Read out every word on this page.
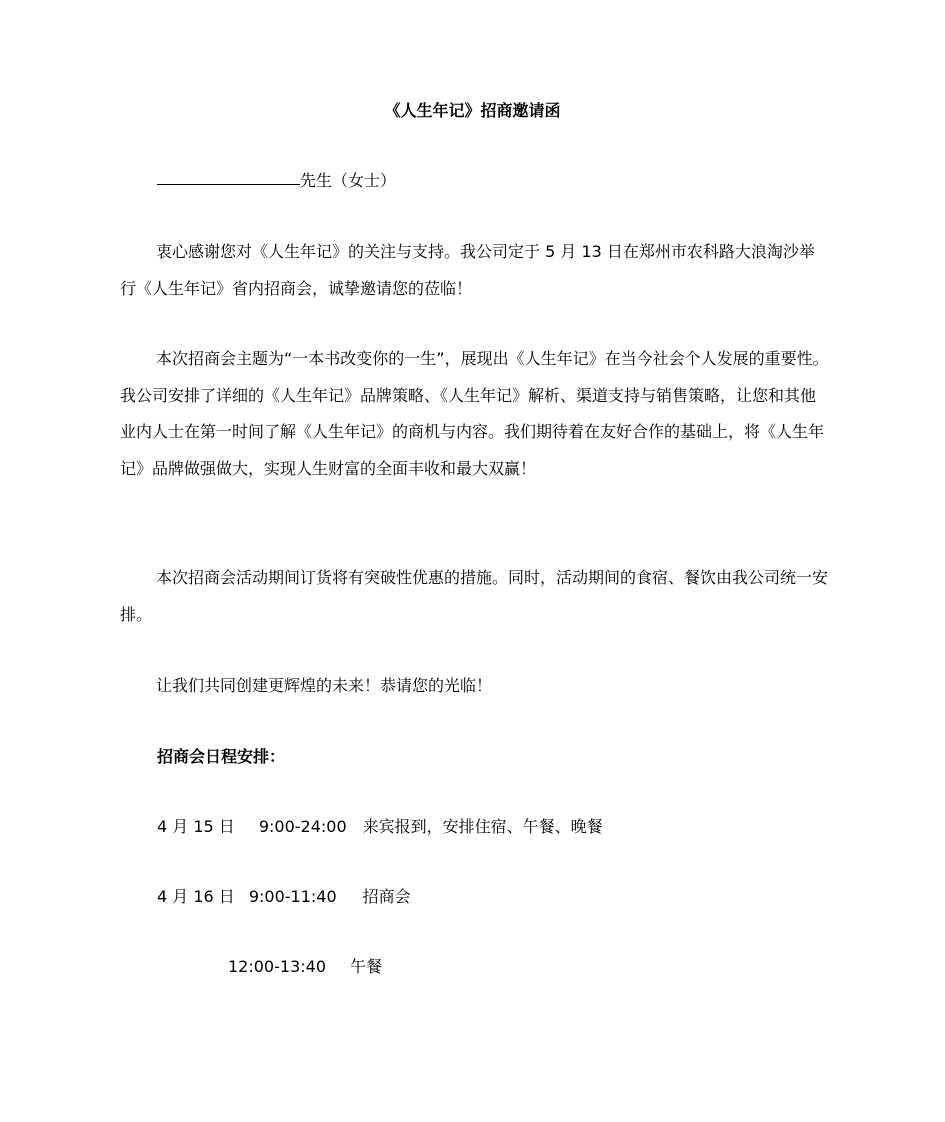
《人生年记》招商邀请函
先生（女士）

衷心感谢您对《人生年记》的关注与支持。我公司定于 5 月 13 日在郑州市农科路大浪淘沙举行《人生年记》省内招商会，诚挚邀请您的莅临！

本次招商会主题为“一本书改变你的一生”，展现出《人生年记》在当今社会个人发展的重要性。我公司安排了详细的《人生年记》品牌策略、《人生年记》解析、渠道支持与销售策略，让您和其他业内人士在第一时间了解《人生年记》的商机与内容。我们期待着在友好合作的基础上，将《人生年记》品牌做强做大，实现人生财富的全面丰收和最大双赢！

本次招商会活动期间订货将有突破性优惠的措施。同时，活动期间的食宿、餐饮由我公司统一安排。

让我们共同创建更辉煌的未来！恭请您的光临！

招商会日程安排：
4 月 15 日 9:00-24:00 来宾报到，安排住宿、午餐、晚餐
4 月 16 日 9:00-11:40 招商会
12:00-13:40 午餐
